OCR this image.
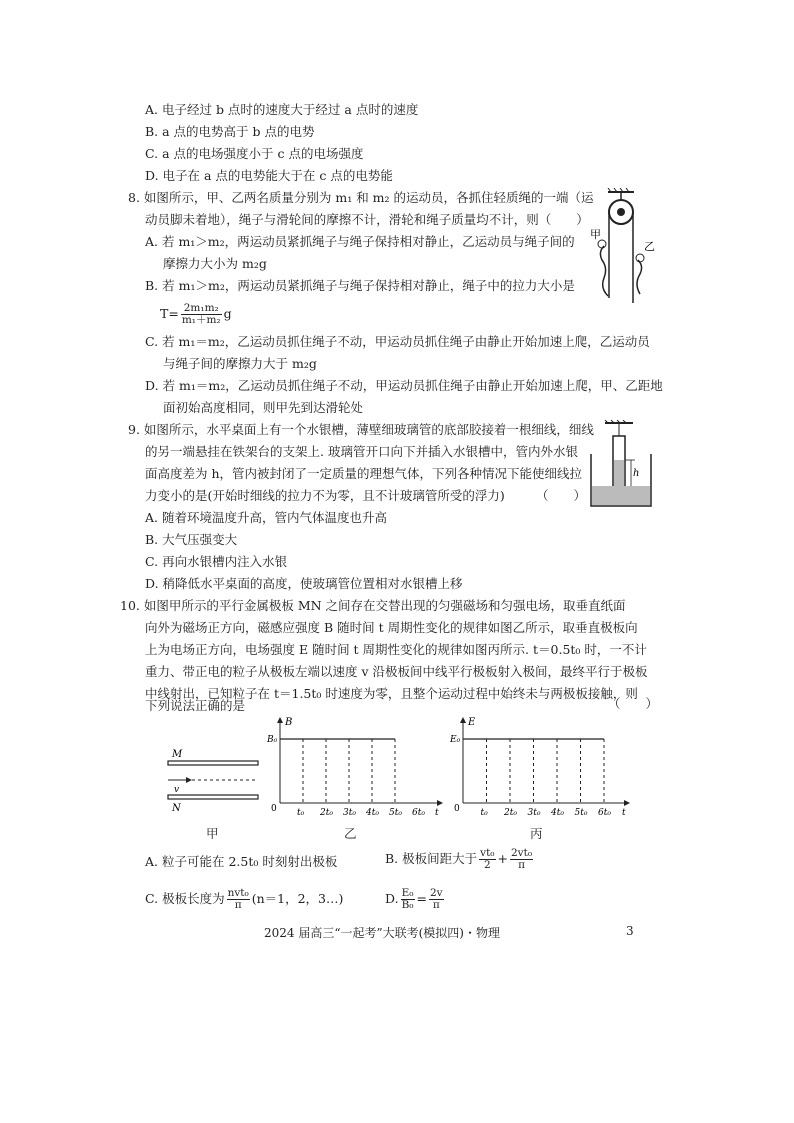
A. 电子经过 b 点时的速度大于经过 a 点时的速度
B. a 点的电势高于 b 点的电势
C. a 点的电场强度小于 c 点的电场强度
D. 电子在 a 点的电势能大于在 c 点的电势能
8. 如图所示，甲、乙两名质量分别为 m₁ 和 m₂ 的运动员，各抓住轻质绳的一端（运
动员脚未着地），绳子与滑轮间的摩擦不计，滑轮和绳子质量均不计，则（　　）
A. 若 m₁＞m₂，两运动员紧抓绳子与绳子保持相对静止，乙运动员与绳子间的
摩擦力大小为 m₂g
B. 若 m₁＞m₂，两运动员紧抓绳子与绳子保持相对静止，绳子中的拉力大小是
$T= \frac{\text{2m₁m₂}}{\text{m₁＋m₂}}$ g
C. 若 m₁＝m₂，乙运动员抓住绳子不动，甲运动员抓住绳子由静止开始加速上爬，乙运动员
与绳子间的摩擦力大于 m₂g
D. 若 m₁＝m₂，乙运动员抓住绳子不动，甲运动员抓住绳子由静止开始加速上爬，甲、乙距地
面初始高度相同，则甲先到达滑轮处
甲
乙
9. 如图所示，水平桌面上有一个水银槽，薄壁细玻璃管的底部胶接着一根细线，细线
的另一端悬挂在铁架台的支架上. 玻璃管开口向下并插入水银槽中，管内外水银
面高度差为 h，管内被封闭了一定质量的理想气体，下列各种情况下能使细线拉
力变小的是(开始时细线的拉力不为零，且不计玻璃管所受的浮力)　　　（　　）
A. 随着环境温度升高，管内气体温度也升高
B. 大气压强变大
C. 再向水银槽内注入水银
D. 稍降低水平桌面的高度，使玻璃管位置相对水银槽上移
h
10. 如图甲所示的平行金属极板 MN 之间存在交替出现的匀强磁场和匀强电场，取垂直纸面
向外为磁场正方向，磁感应强度 B 随时间 t 周期性变化的规律如图乙所示，取垂直极板向
上为电场正方向，电场强度 E 随时间 t 周期性变化的规律如图丙所示. t＝0.5t₀ 时，一不计
重力、带正电的粒子从极板左端以速度 v 沿极板间中线平行极板射入极间，最终平行于极板
中线射出，已知粒子在 t＝1.5t₀ 时速度为零，且整个运动过程中始终未与两极板接触，则
下列说法正确的是	（　　）
M
N
v
甲
B
B₀
0	t
t₀ 2t₀ 3t₀ 4t₀ 5t₀ 6t₀
乙
E
E₀
0	t
t₀ 2t₀ 3t₀ 4t₀ 5t₀ 6t₀
丙
A. 粒子可能在 2.5t₀ 时刻射出极板	B. 极板间距大于 $\frac{\text{vt₀}}{2} + \frac{\text{2vt₀}}{\pi}$
C. 极板长度为 $\frac{\text{nvt₀}}{\pi} (n=1$，2，3…)	D. $\frac{\text{E₀}}{\text{B₀}} = \frac{2v}{\pi}$
2024 届高三“一起考”大联考(模拟四)・物理	3
